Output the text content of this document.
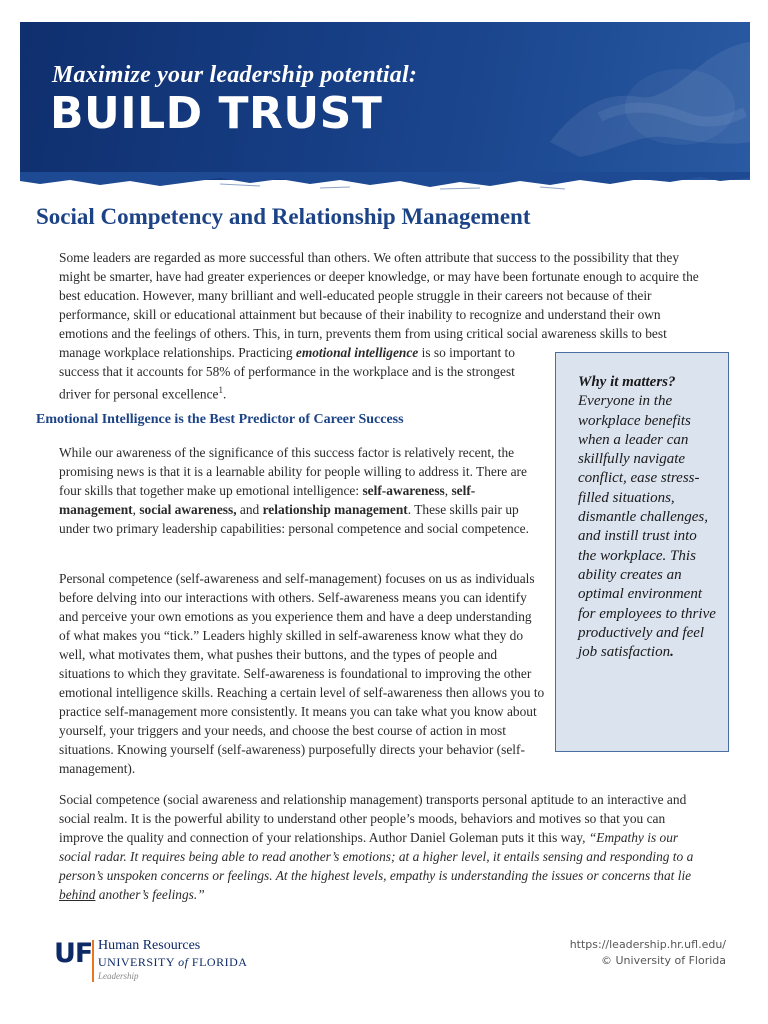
Maximize your leadership potential:
BUILD TRUST
Social Competency and Relationship Management

Some leaders are regarded as more successful than others. We often attribute that success to the possibility that they might be smarter, have had greater experiences or deeper knowledge, or may have been fortunate enough to acquire the best education. However, many brilliant and well-educated people struggle in their careers not because of their performance, skill or educational attainment but because of their inability to recognize and understand their own emotions and the feelings of others. This, in turn, prevents them from using critical social awareness skills to best

manage workplace relationships. Practicing emotional intelligence is so important to success that it accounts for 58% of performance in the workplace and is the strongest driver for personal excellence$^1$.

Emotional Intelligence is the Best Predictor of Career Success

While our awareness of the significance of this success factor is relatively recent, the promising news is that it is a learnable ability for people willing to address it. There are four skills that together make up emotional intelligence: self-awareness, self-management, social awareness, and relationship management. These skills pair up under two primary leadership capabilities: personal competence and social competence.

Personal competence (self-awareness and self-management) focuses on us as individuals before delving into our interactions with others. Self-awareness means you can identify and perceive your own emotions as you experience them and have a deep understanding of what makes you “tick.” Leaders highly skilled in self-awareness know what they do well, what motivates them, what pushes their buttons, and the types of people and situations to which they gravitate. Self-awareness is foundational to improving the other emotional intelligence skills. Reaching a certain level of self-awareness then allows you to practice self-management more consistently. It means you can take what you know about yourself, your triggers and your needs, and choose the best course of action in most situations. Knowing yourself (self-awareness) purposefully directs your behavior (self-management).

Social competence (social awareness and relationship management) transports personal aptitude to an interactive and social realm. It is the powerful ability to understand other people’s moods, behaviors and motives so that you can improve the quality and connection of your relationships. Author Daniel Goleman puts it this way, “Empathy is our social radar. It requires being able to read another’s emotions; at a higher level, it entails sensing and responding to a person’s unspoken concerns or feelings. At the highest levels, empathy is understanding the issues or concerns that lie behind another’s feelings.”

Why it matters?
Everyone in the workplace benefits when a leader can skillfully navigate conflict, ease stress-filled situations, dismantle challenges, and instill trust into the workplace. This ability creates an optimal environment for employees to thrive productively and feel job satisfaction.
UF Human Resources
UNIVERSITY of FLORIDA
Leadership
https://leadership.hr.ufl.edu/
© University of Florida
